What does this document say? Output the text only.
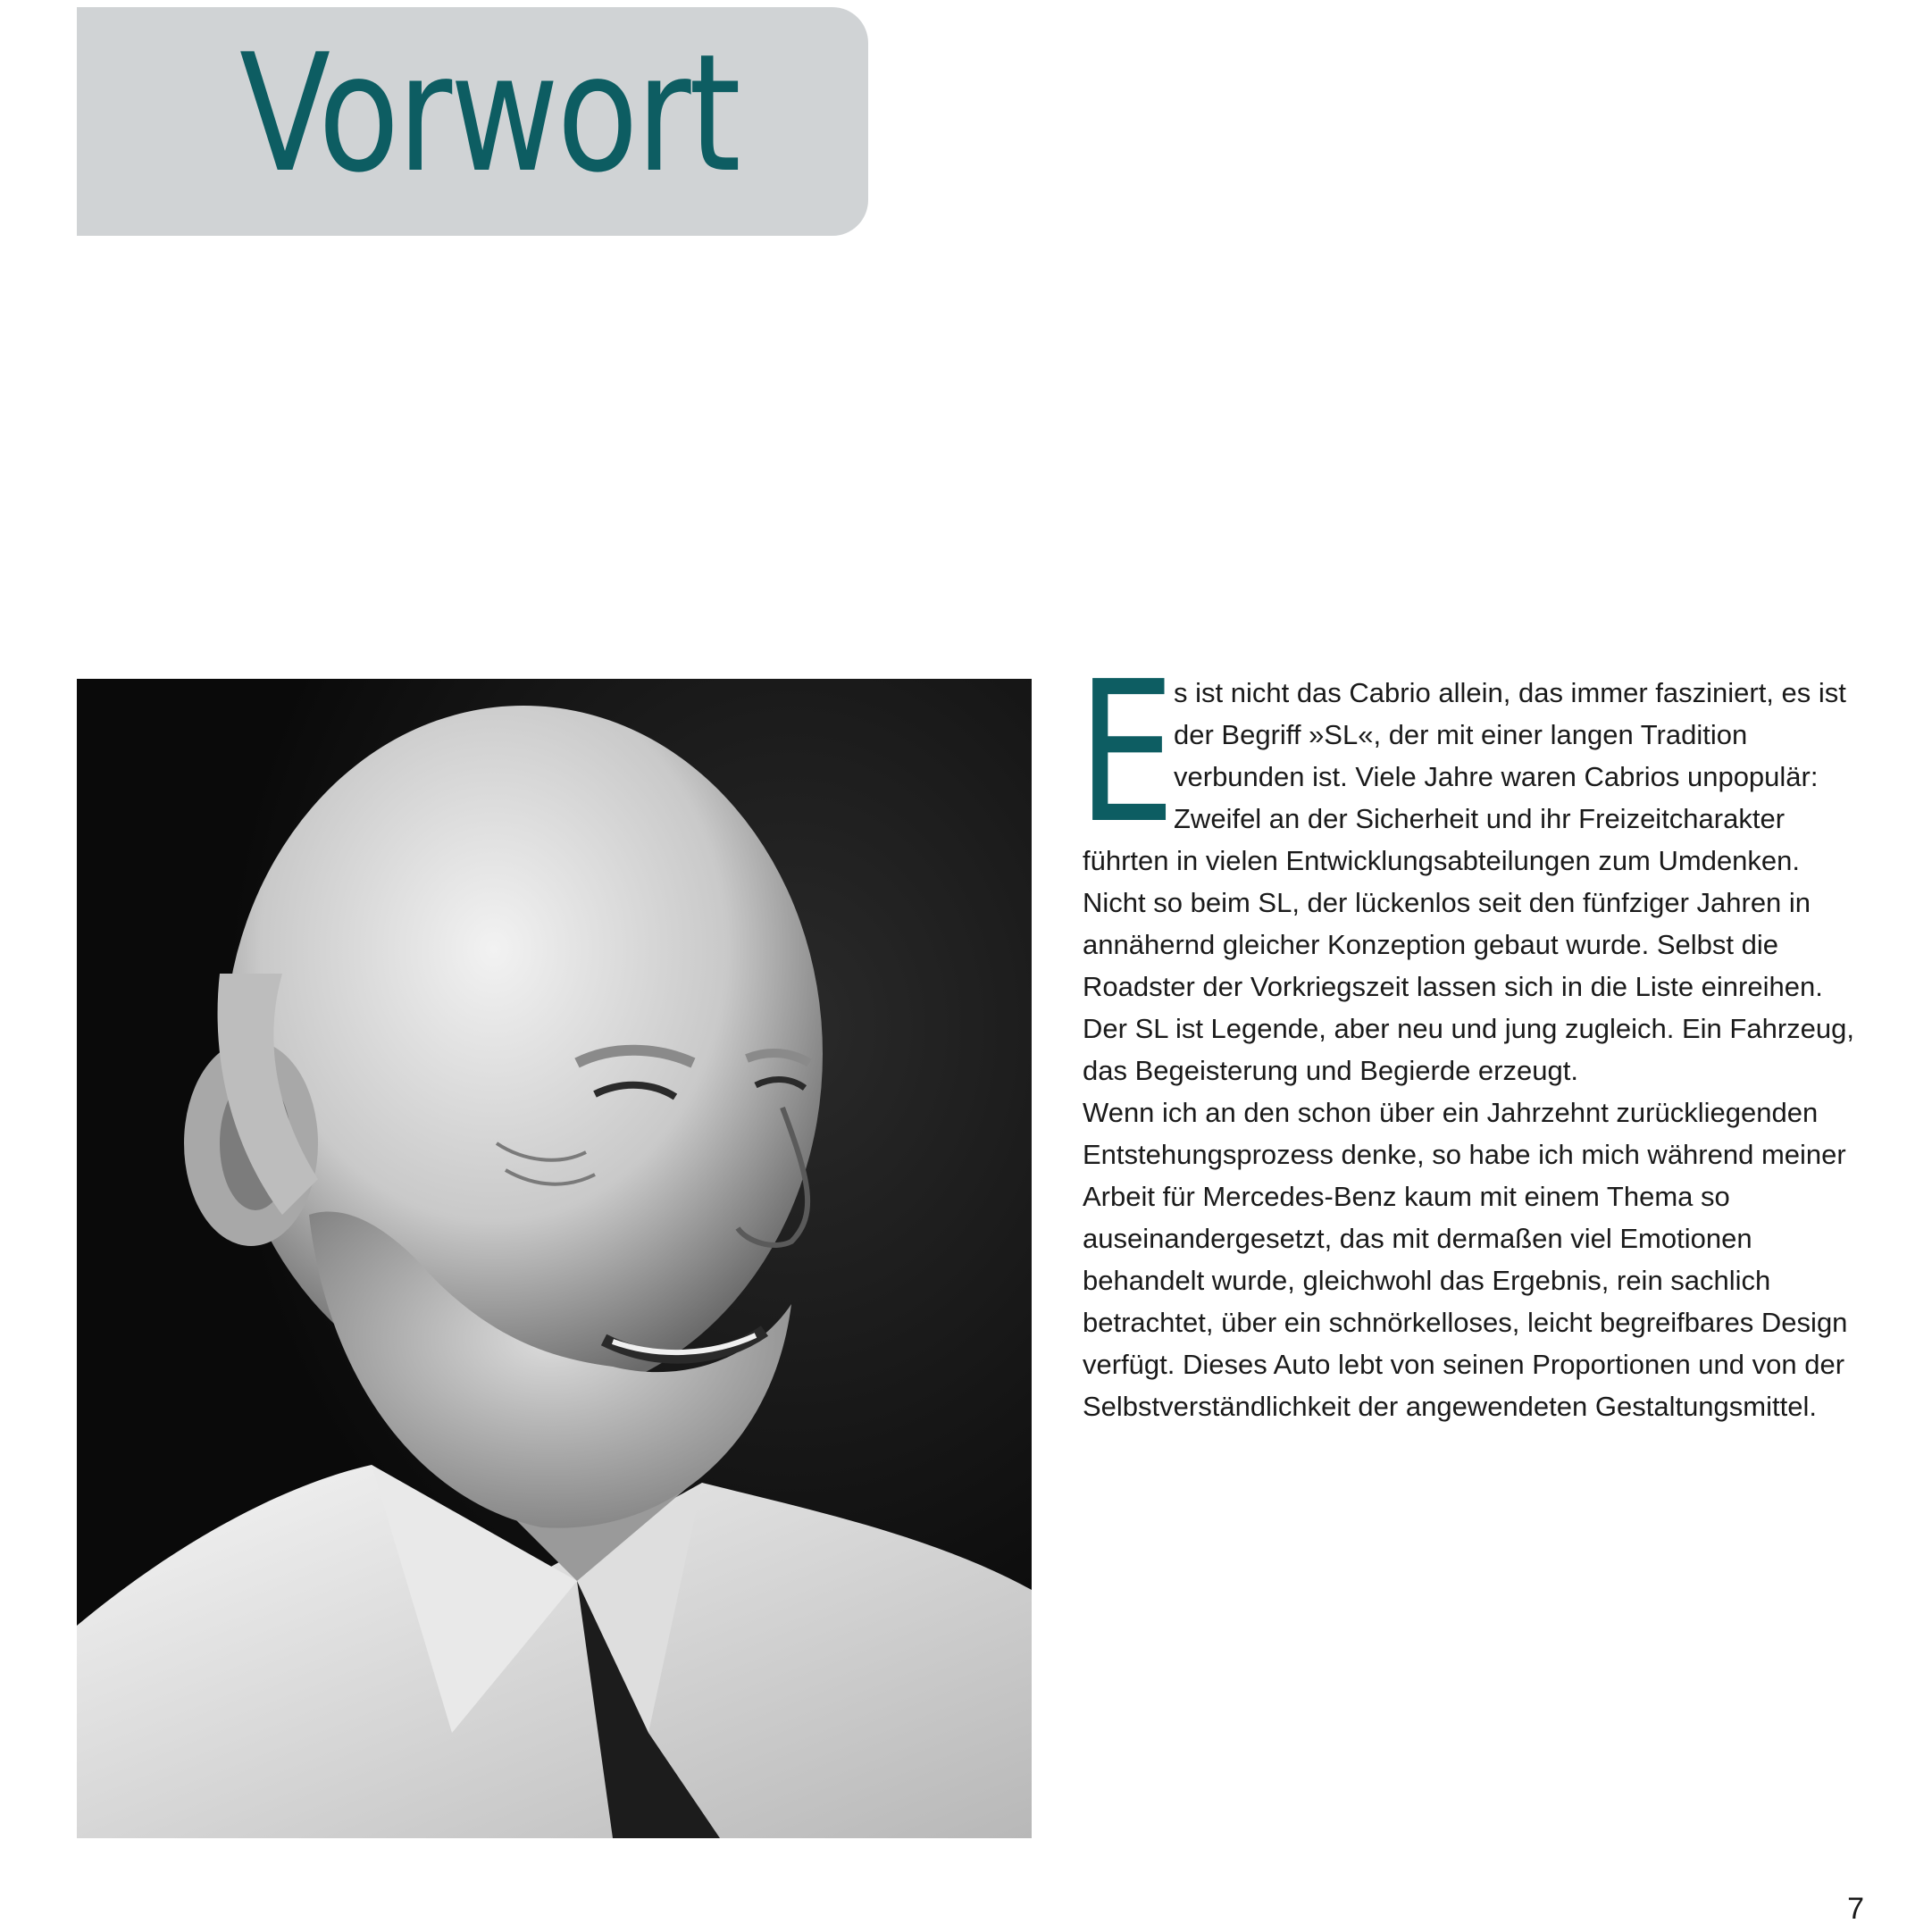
Vorwort
E

s ist nicht das Cabrio allein, das immer fasziniert, es ist der Begriff »SL«, der mit einer langen Tradition verbunden ist. Viele Jahre waren Cabrios unpopulär: Zweifel an der Sicherheit und ihr Freizeitcharakter führten in vielen Entwicklungsabteilungen zum Umdenken. Nicht so beim SL, der lückenlos seit den fünfziger Jahren in annähernd gleicher Konzeption gebaut wurde. Selbst die Roadster der Vorkriegszeit lassen sich in die Liste einreihen.

Der SL ist Legende, aber neu und jung zugleich. Ein Fahrzeug, das Begeisterung und Begierde erzeugt.

Wenn ich an den schon über ein Jahrzehnt zurückliegenden Entstehungsprozess denke, so habe ich mich während meiner Arbeit für Mercedes-Benz kaum mit einem Thema so auseinandergesetzt, das mit dermaßen viel Emotionen behandelt wurde, gleichwohl das Ergebnis, rein sachlich betrachtet, über ein schnörkelloses, leicht begreifbares Design verfügt. Dieses Auto lebt von seinen Proportionen und von der Selbstverständlichkeit der angewendeten Gestaltungsmittel.

7
